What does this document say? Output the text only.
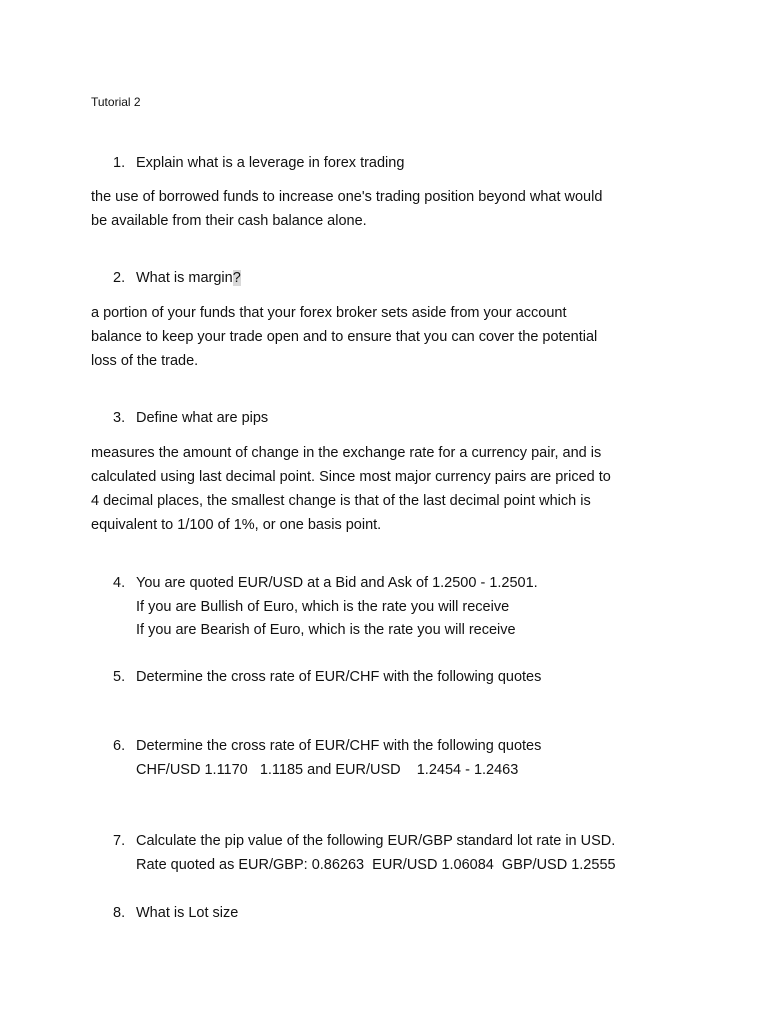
Tutorial 2
1. Explain what is a leverage in forex trading
the use of borrowed funds to increase one's trading position beyond what would
be available from their cash balance alone.
2. What is margin?
a portion of your funds that your forex broker sets aside from your account
balance to keep your trade open and to ensure that you can cover the potential
loss of the trade.
3. Define what are pips
measures the amount of change in the exchange rate for a currency pair, and is
calculated using last decimal point. Since most major currency pairs are priced to
4 decimal places, the smallest change is that of the last decimal point which is
equivalent to 1/100 of 1%, or one basis point.
4. You are quoted EUR/USD at a Bid and Ask of 1.2500 - 1.2501.
If you are Bullish of Euro, which is the rate you will receive
If you are Bearish of Euro, which is the rate you will receive
5. Determine the cross rate of EUR/CHF with the following quotes
6. Determine the cross rate of EUR/CHF with the following quotes
CHF/USD 1.1170   1.1185 and EUR/USD    1.2454 - 1.2463
7. Calculate the pip value of the following EUR/GBP standard lot rate in USD.
Rate quoted as EUR/GBP: 0.86263  EUR/USD 1.06084  GBP/USD 1.2555
8. What is Lot size
